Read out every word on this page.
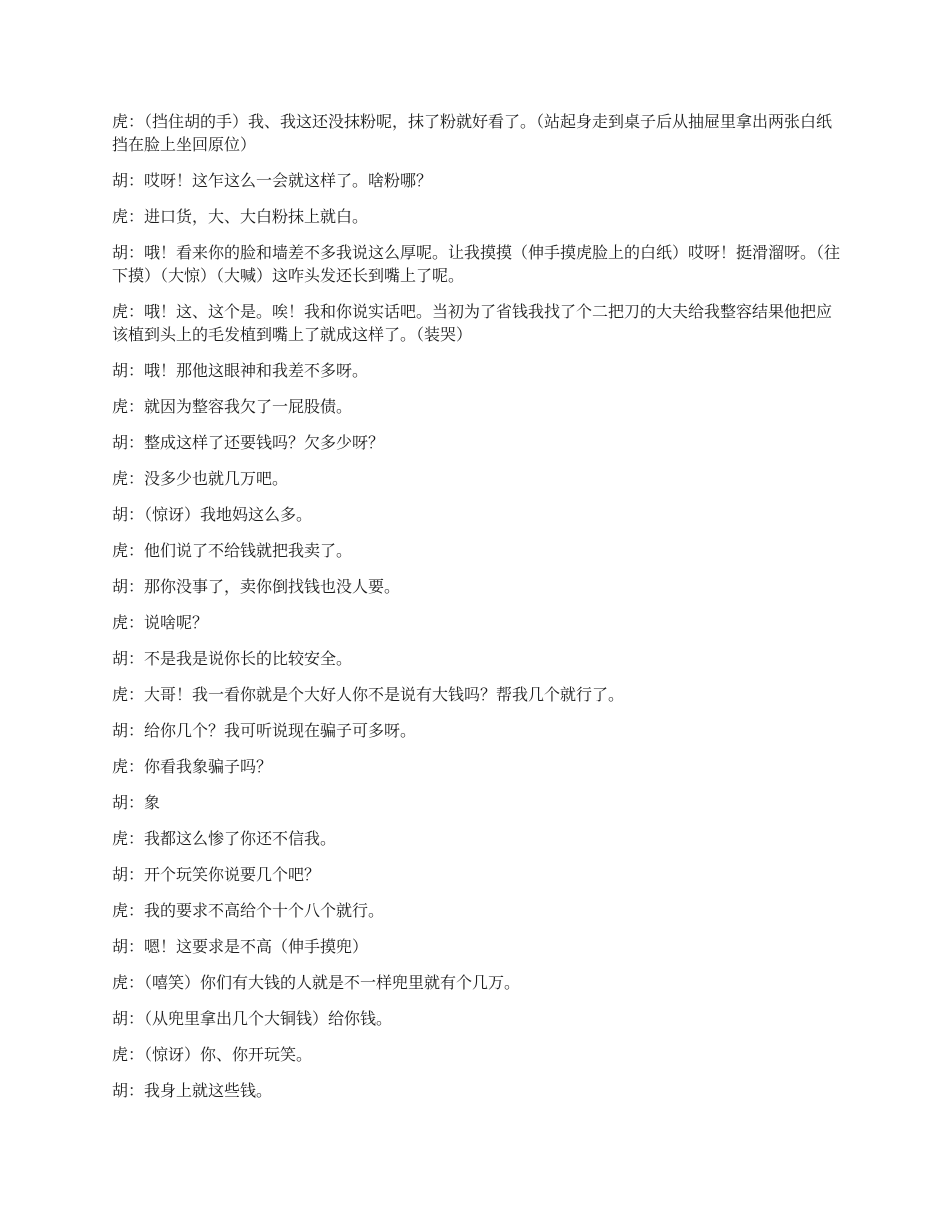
虎：（挡住胡的手）我、我这还没抹粉呢，抹了粉就好看了。（站起身走到桌子后从抽屉里拿出两张白纸挡在脸上坐回原位）

胡：哎呀！这乍这么一会就这样了。啥粉哪？

虎：进口货，大、大白粉抹上就白。

胡：哦！看来你的脸和墙差不多我说这么厚呢。让我摸摸（伸手摸虎脸上的白纸）哎呀！挺滑溜呀。（往下摸）（大惊）（大喊）这咋头发还长到嘴上了呢。

虎：哦！这、这个是。唉！我和你说实话吧。当初为了省钱我找了个二把刀的大夫给我整容结果他把应该植到头上的毛发植到嘴上了就成这样了。（装哭）

胡：哦！那他这眼神和我差不多呀。

虎：就因为整容我欠了一屁股债。

胡：整成这样了还要钱吗？欠多少呀？

虎：没多少也就几万吧。

胡：（惊讶）我地妈这么多。

虎：他们说了不给钱就把我卖了。

胡：那你没事了，卖你倒找钱也没人要。

虎：说啥呢？

胡：不是我是说你长的比较安全。

虎：大哥！我一看你就是个大好人你不是说有大钱吗？帮我几个就行了。

胡：给你几个？我可听说现在骗子可多呀。

虎：你看我象骗子吗？

胡：象

虎：我都这么惨了你还不信我。

胡：开个玩笑你说要几个吧？

虎：我的要求不高给个十个八个就行。

胡：嗯！这要求是不高（伸手摸兜）

虎：（嘻笑）你们有大钱的人就是不一样兜里就有个几万。

胡：（从兜里拿出几个大铜钱）给你钱。

虎：（惊讶）你、你开玩笑。

胡：我身上就这些钱。
